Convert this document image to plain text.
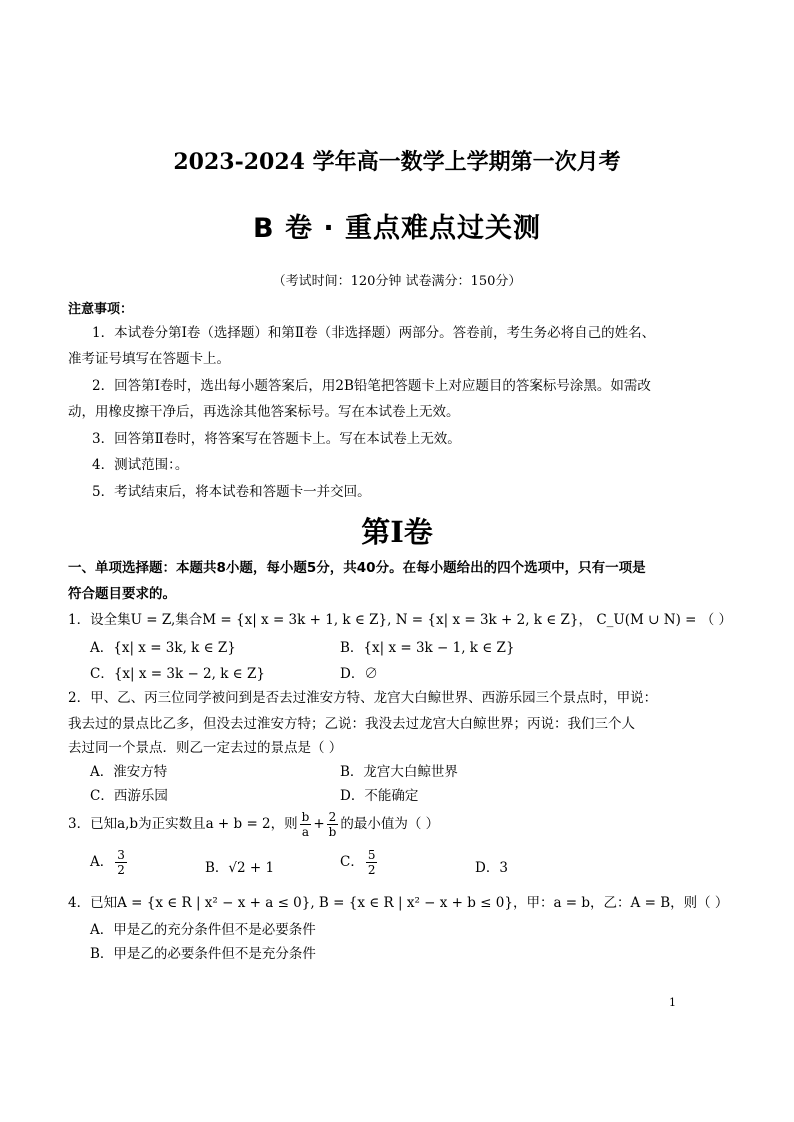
2023-2024 学年高一数学上学期第一次月考
B 卷 · 重点难点过关测
（考试时间：120分钟 试卷满分：150分）
注意事项：
1．本试卷分第Ⅰ卷（选择题）和第Ⅱ卷（非选择题）两部分。答卷前，考生务必将自己的姓名、
准考证号填写在答题卡上。
2．回答第Ⅰ卷时，选出每小题答案后，用2B铅笔把答题卡上对应题目的答案标号涂黑。如需改
动，用橡皮擦干净后，再选涂其他答案标号。写在本试卷上无效。
3．回答第Ⅱ卷时，将答案写在答题卡上。写在本试卷上无效。
4．测试范围：。
5．考试结束后，将本试卷和答题卡一并交回。
第Ⅰ卷
一、单项选择题：本题共8小题，每小题5分，共40分。在每小题给出的四个选项中，只有一项是
符合题目要求的。
1．设全集U = Z,集合M = {x| x = 3k + 1, k ∈ Z}, N = {x| x = 3k + 2, k ∈ Z}， C_U(M ∪ N) = （ ）
A．{x| x = 3k, k ∈ Z}	B．{x| x = 3k − 1, k ∈ Z}
C．{x| x = 3k − 2, k ∈ Z}	D．∅
2．甲、乙、丙三位同学被问到是否去过淮安方特、龙宫大白鲸世界、西游乐园三个景点时，甲说：
我去过的景点比乙多，但没去过淮安方特；乙说：我没去过龙宫大白鲸世界；丙说：我们三个人
去过同一个景点．则乙一定去过的景点是（ ）
A．淮安方特	B．龙宫大白鲸世界
C．西游乐园	D．不能确定
3．已知a,b为正实数且a + b = 2，则 $\frac{b}{a} + \frac{2}{b}$ 的最小值为（ ）
A． $\frac{3}{2}$	B．√2 + 1	C． $\frac{5}{2}$	D．3
4．已知A = {x ∈ R | x² − x + a ≤ 0}, B = {x ∈ R | x² − x + b ≤ 0}，甲：a = b，乙：A = B，则（ ）
A．甲是乙的充分条件但不是必要条件
B．甲是乙的必要条件但不是充分条件
1
